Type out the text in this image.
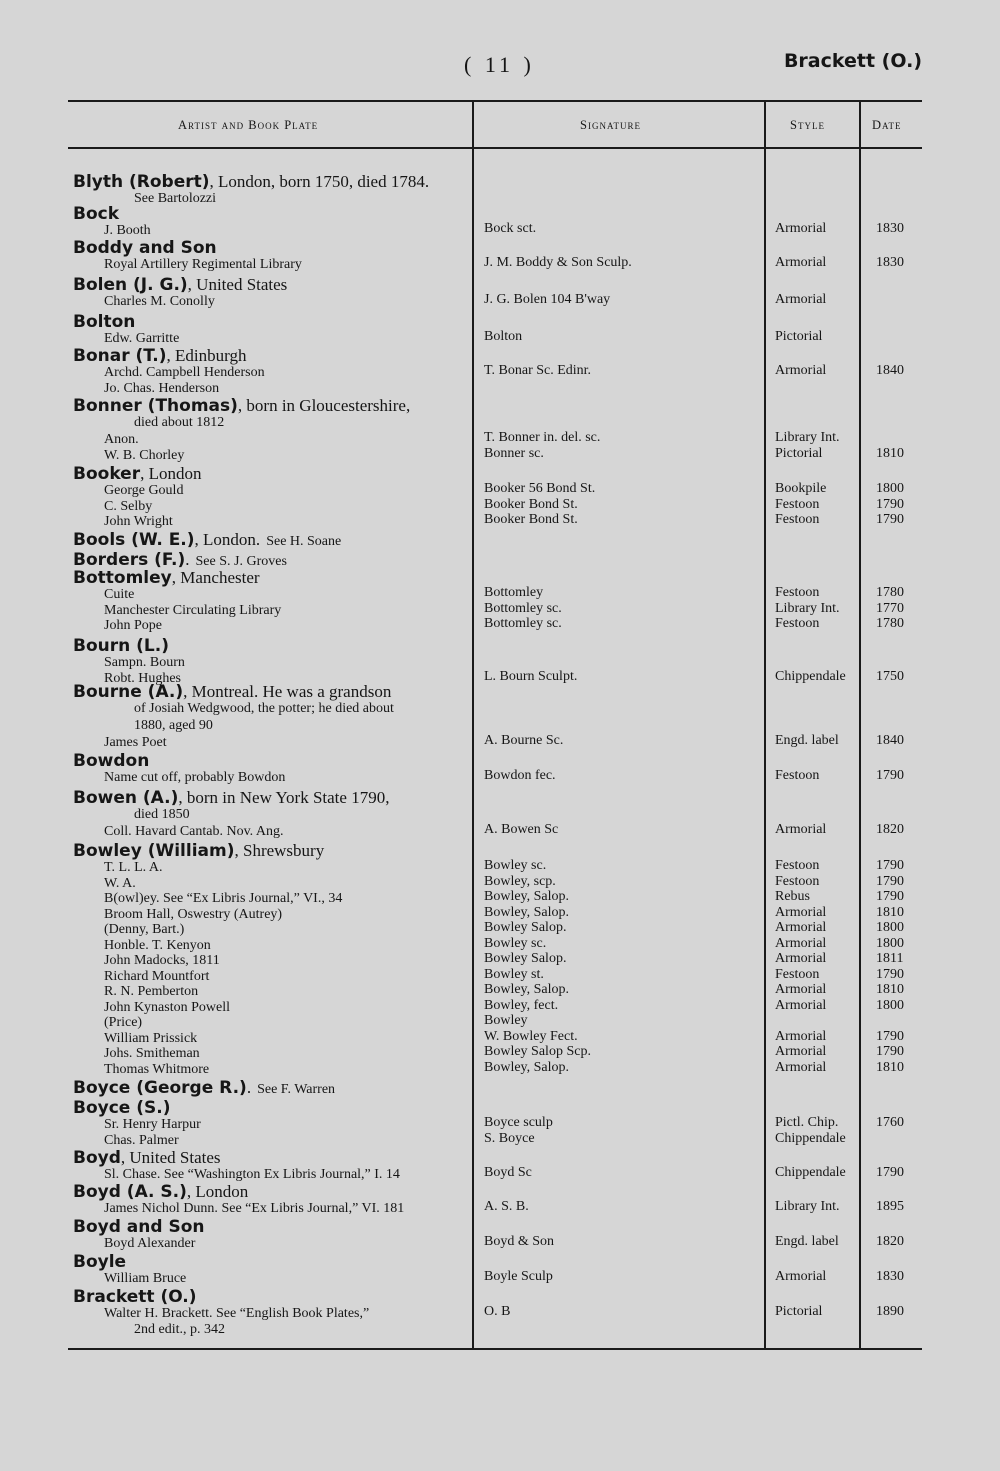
( 11 )	Brackett (O.)
Artist and Book Plate	Signature	Style	Date
Blyth (Robert), London, born 1750, died 1784.
See Bartolozzi
Bock
J. Booth	Bock sct.	Armorial	1830
Boddy and Son
Royal Artillery Regimental Library	J. M. Boddy & Son Sculp.	Armorial	1830
Bolen (J. G.), United States
Charles M. Conolly	J. G. Bolen 104 B'way	Armorial
Bolton
Edw. Garritte	Bolton	Pictorial
Bonar (T.), Edinburgh
Archd. Campbell Henderson	T. Bonar Sc. Edinr.	Armorial	1840
Jo. Chas. Henderson
Bonner (Thomas), born in Gloucestershire,
died about 1812
Anon.	T. Bonner in. del. sc.	Library Int.
W. B. Chorley	Bonner sc.	Pictorial	1810
Booker, London
George Gould	Booker 56 Bond St.	Bookpile	1800
C. Selby	Booker Bond St.	Festoon	1790
John Wright	Booker Bond St.	Festoon	1790
Bools (W. E.), London. See H. Soane
Borders (F.). See S. J. Groves
Bottomley, Manchester
Cuite	Bottomley	Festoon	1780
Manchester Circulating Library	Bottomley sc.	Library Int.	1770
John Pope	Bottomley sc.	Festoon	1780
Bourn (L.)
Sampn. Bourn
Robt. Hughes	L. Bourn Sculpt.	Chippendale 1750
Bourne (A.), Montreal. He was a grandson
of Josiah Wedgwood, the potter; he died about
1880, aged 90
James Poet	A. Bourne Sc.	Engd. label	1840
Bowdon
Name cut off, probably Bowdon	Bowdon fec.	Festoon	1790
Bowen (A.), born in New York State 1790,
died 1850
Coll. Havard Cantab. Nov. Ang.	A. Bowen Sc	Armorial	1820
Bowley (William), Shrewsbury
T. L. L. A.	Bowley sc.	Festoon	1790
W. A.	Bowley, scp.	Festoon	1790
B(owl)ey. See “Ex Libris Journal,” VI., 34	Bowley, Salop.	Rebus	1790
Broom Hall, Oswestry (Autrey)	Bowley, Salop.	Armorial	1810
(Denny, Bart.)	Bowley Salop.	Armorial	1800
Honble. T. Kenyon	Bowley sc.	Armorial	1800
John Madocks, 1811	Bowley Salop.	Armorial	1811
Richard Mountfort	Bowley st.	Festoon	1790
R. N. Pemberton	Bowley, Salop.	Armorial	1810
John Kynaston Powell	Bowley, fect.	Armorial	1800
(Price)	Bowley
William Prissick	W. Bowley Fect.	Armorial	1790
Johs. Smitheman	Bowley Salop Scp.	Armorial	1790
Thomas Whitmore	Bowley, Salop.	Armorial	1810
Boyce (George R.). See F. Warren
Boyce (S.)
Sr. Henry Harpur	Boyce sculp	Pictl. Chip.	1760
Chas. Palmer	S. Boyce	Chippendale
Boyd, United States
Sl. Chase. See “Washington Ex Libris Journal,” I. 14	Boyd Sc	Chippendale 1790
Boyd (A. S.), London
James Nichol Dunn. See “Ex Libris Journal,” VI. 181	A. S. B.	Library Int.	1895
Boyd and Son
Boyd Alexander	Boyd & Son	Engd. label	1820
Boyle
William Bruce	Boyle Sculp	Armorial	1830
Brackett (O.)
Walter H. Brackett. See “English Book Plates,”	O. B	Pictorial	1890
2nd edit., p. 342
